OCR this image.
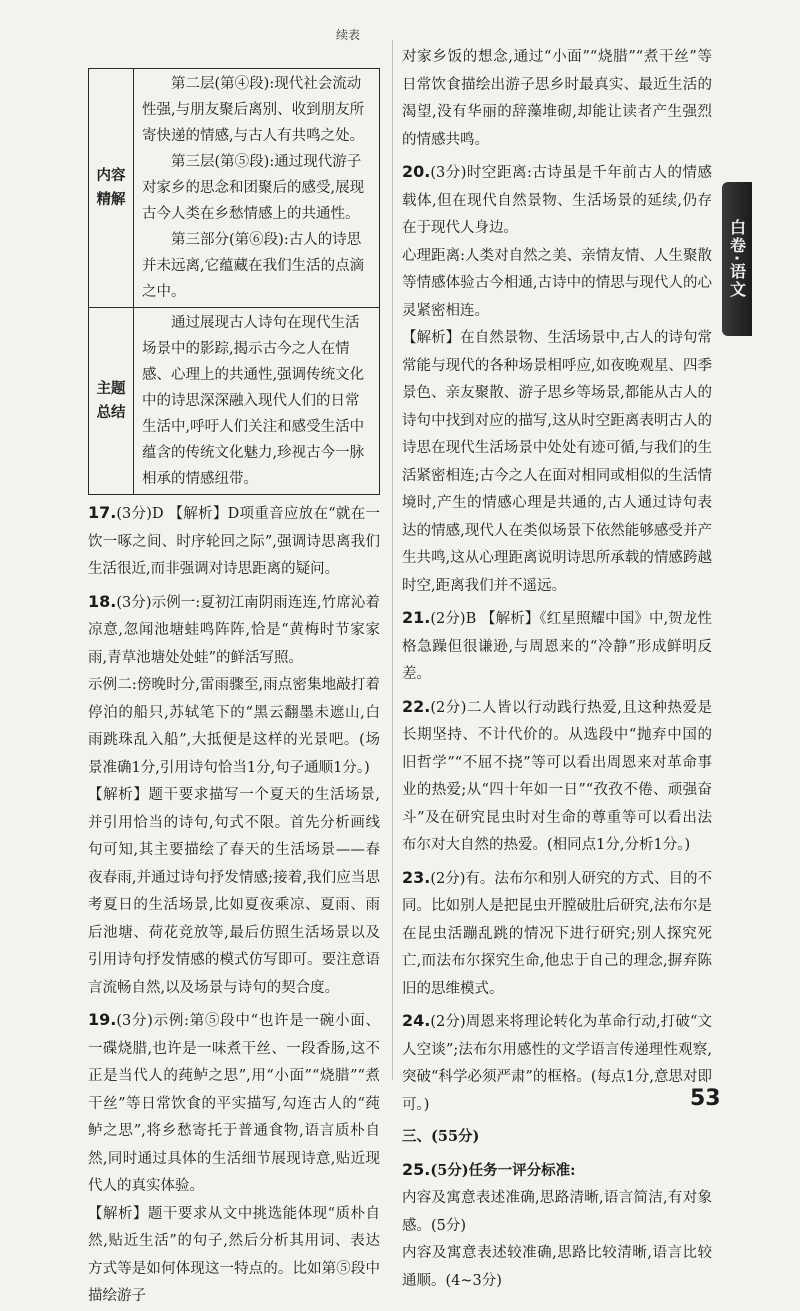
续表
内容精解	第二层(第④段):现代社会流动性强,与朋友聚后离别、收到朋友所寄快递的情感,与古人有共鸣之处。

第三层(第⑤段):通过现代游子对家乡的思念和团聚后的感受,展现古今人类在乡愁情感上的共通性。

第三部分(第⑥段):古人的诗思并未远离,它蕴藏在我们生活的点滴之中。

主题总结	通过展现古人诗句在现代生活场景中的影踪,揭示古今之人在情感、心理上的共通性,强调传统文化中的诗思深深融入现代人们的日常生活中,呼吁人们关注和感受生活中蕴含的传统文化魅力,珍视古今一脉相承的情感纽带。

17.(3分)D 【解析】D项重音应放在“就在一饮一啄之间、时序轮回之际”,强调诗思离我们生活很近,而非强调对诗思距离的疑问。

18.(3分)示例一:夏初江南阴雨连连,竹席沁着凉意,忽闻池塘蛙鸣阵阵,恰是“黄梅时节家家雨,青草池塘处处蛙”的鲜活写照。

示例二:傍晚时分,雷雨骤至,雨点密集地敲打着停泊的船只,苏轼笔下的“黑云翻墨未遮山,白雨跳珠乱入船”,大抵便是这样的光景吧。(场景准确1分,引用诗句恰当1分,句子通顺1分。)

【解析】题干要求描写一个夏天的生活场景,并引用恰当的诗句,句式不限。首先分析画线句可知,其主要描绘了春天的生活场景——春夜春雨,并通过诗句抒发情感;接着,我们应当思考夏日的生活场景,比如夏夜乘凉、夏雨、雨后池塘、荷花竞放等,最后仿照生活场景以及引用诗句抒发情感的模式仿写即可。要注意语言流畅自然,以及场景与诗句的契合度。

19.(3分)示例:第⑤段中“也许是一碗小面、一碟烧腊,也许是一味煮干丝、一段香肠,这不正是当代人的莼鲈之思”,用“小面”“烧腊”“煮干丝”等日常饮食的平实描写,勾连古人的“莼鲈之思”,将乡愁寄托于普通食物,语言质朴自然,同时通过具体的生活细节展现诗意,贴近现代人的真实体验。

【解析】题干要求从文中挑选能体现“质朴自然,贴近生活”的句子,然后分析其用词、表达方式等是如何体现这一特点的。比如第⑤段中描绘游子

对家乡饭的想念,通过“小面”“烧腊”“煮干丝”等日常饮食描绘出游子思乡时最真实、最近生活的渴望,没有华丽的辞藻堆砌,却能让读者产生强烈的情感共鸣。

20.(3分)时空距离:古诗虽是千年前古人的情感载体,但在现代自然景物、生活场景的延续,仍存在于现代人身边。

心理距离:人类对自然之美、亲情友情、人生聚散等情感体验古今相通,古诗中的情思与现代人的心灵紧密相连。

【解析】在自然景物、生活场景中,古人的诗句常常能与现代的各种场景相呼应,如夜晚观星、四季景色、亲友聚散、游子思乡等场景,都能从古人的诗句中找到对应的描写,这从时空距离表明古人的诗思在现代生活场景中处处有迹可循,与我们的生活紧密相连;古今之人在面对相同或相似的生活情境时,产生的情感心理是共通的,古人通过诗句表达的情感,现代人在类似场景下依然能够感受并产生共鸣,这从心理距离说明诗思所承载的情感跨越时空,距离我们并不遥远。

21.(2分)B 【解析】《红星照耀中国》中,贺龙性格急躁但很谦逊,与周恩来的“冷静”形成鲜明反差。

22.(2分)二人皆以行动践行热爱,且这种热爱是长期坚持、不计代价的。从选段中“抛弃中国的旧哲学”“不屈不挠”等可以看出周恩来对革命事业的热爱;从“四十年如一日”“孜孜不倦、顽强奋斗”及在研究昆虫时对生命的尊重等可以看出法布尔对大自然的热爱。(相同点1分,分析1分。)

23.(2分)有。法布尔和别人研究的方式、目的不同。比如别人是把昆虫开膛破肚后研究,法布尔是在昆虫活蹦乱跳的情况下进行研究;别人探究死亡,而法布尔探究生命,他忠于自己的理念,摒弃陈旧的思维模式。

24.(2分)周恩来将理论转化为革命行动,打破“文人空谈”;法布尔用感性的文学语言传递理性观察,突破“科学必须严肃”的框格。(每点1分,意思对即可。)

三、(55分)

25.(5分)任务一评分标准:

内容及寓意表述准确,思路清晰,语言简洁,有对象感。(5分)

内容及寓意表述较准确,思路比较清晰,语言比较通顺。(4~3分)

白卷·语文
53
